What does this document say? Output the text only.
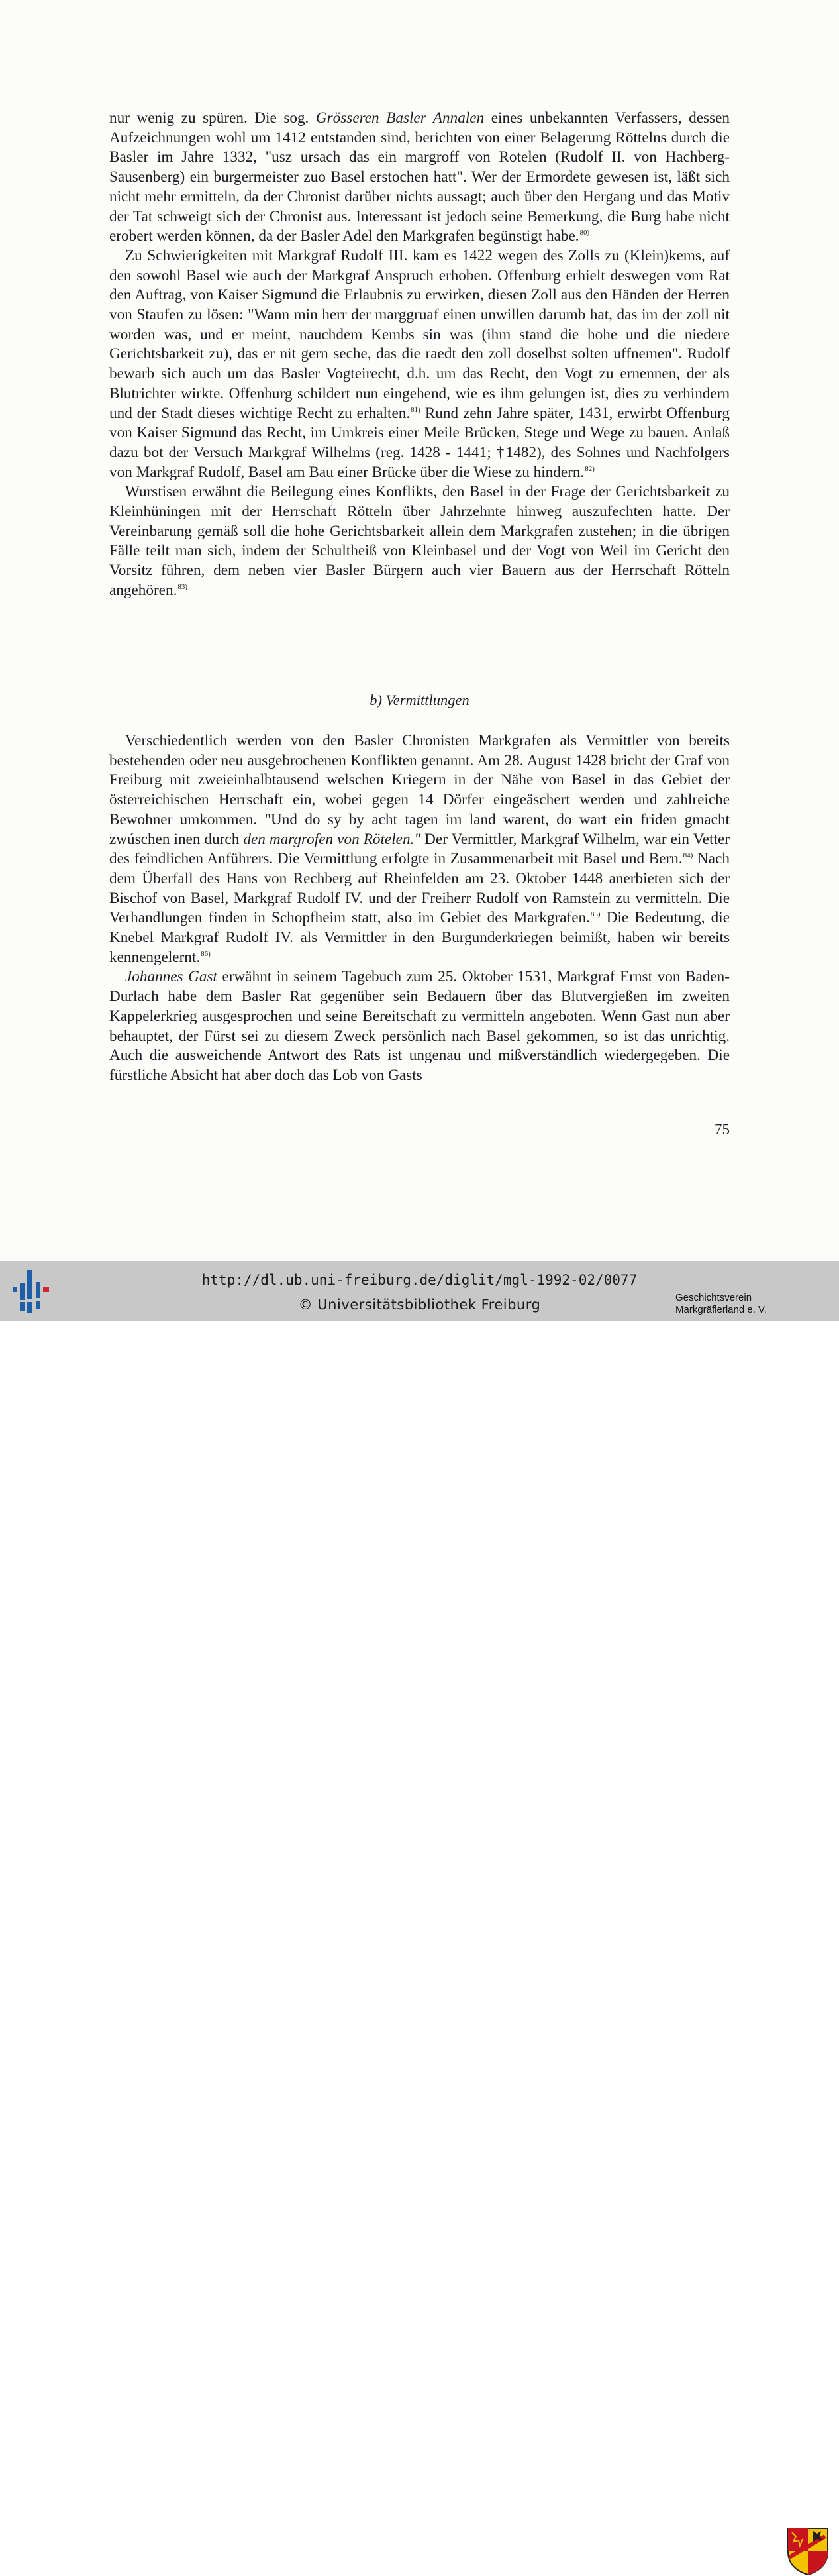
nur wenig zu spüren. Die sog. Grösseren Basler Annalen eines unbekannten Verfassers, dessen Aufzeichnungen wohl um 1412 entstanden sind, berichten von einer Belagerung Röttelns durch die Basler im Jahre 1332, "usz ursach das ein margroff von Rotelen (Rudolf II. von Hachberg-Sausenberg) ein burgermeister zuo Basel erstochen hatt". Wer der Ermordete gewesen ist, läßt sich nicht mehr ermitteln, da der Chronist darüber nichts aussagt; auch über den Hergang und das Motiv der Tat schweigt sich der Chronist aus. Interessant ist jedoch seine Bemerkung, die Burg habe nicht erobert werden können, da der Basler Adel den Markgrafen begünstigt habe.$^{80)}$

Zu Schwierigkeiten mit Markgraf Rudolf III. kam es 1422 wegen des Zolls zu (Klein)kems, auf den sowohl Basel wie auch der Markgraf Anspruch erhoben. Offenburg erhielt deswegen vom Rat den Auftrag, von Kaiser Sigmund die Erlaubnis zu erwirken, diesen Zoll aus den Händen der Herren von Staufen zu lösen: "Wann min herr der marggruaf einen unwillen darumb hat, das im der zoll nit worden was, und er meint, nauchdem Kembs sin was (ihm stand die hohe und die niedere Gerichtsbarkeit zu), das er nit gern seche, das die raedt den zoll doselbst solten uffnemen". Rudolf bewarb sich auch um das Basler Vogteirecht, d.h. um das Recht, den Vogt zu ernennen, der als Blutrichter wirkte. Offenburg schildert nun eingehend, wie es ihm gelungen ist, dies zu verhindern und der Stadt dieses wichtige Recht zu erhalten.$^{81)}$ Rund zehn Jahre später, 1431, erwirbt Offenburg von Kaiser Sigmund das Recht, im Umkreis einer Meile Brücken, Stege und Wege zu bauen. Anlaß dazu bot der Versuch Markgraf Wilhelms (reg. 1428 - 1441; †1482), des Sohnes und Nachfolgers von Markgraf Rudolf, Basel am Bau einer Brücke über die Wiese zu hindern.$^{82)}$

Wurstisen erwähnt die Beilegung eines Konflikts, den Basel in der Frage der Gerichtsbarkeit zu Kleinhüningen mit der Herrschaft Rötteln über Jahrzehnte hinweg auszufechten hatte. Der Vereinbarung gemäß soll die hohe Gerichtsbarkeit allein dem Markgrafen zustehen; in die übrigen Fälle teilt man sich, indem der Schultheiß von Kleinbasel und der Vogt von Weil im Gericht den Vorsitz führen, dem neben vier Basler Bürgern auch vier Bauern aus der Herrschaft Rötteln angehören.$^{83)}$

b) Vermittlungen

Verschiedentlich werden von den Basler Chronisten Markgrafen als Vermittler von bereits bestehenden oder neu ausgebrochenen Konflikten genannt. Am 28. August 1428 bricht der Graf von Freiburg mit zweieinhalbtausend welschen Kriegern in der Nähe von Basel in das Gebiet der österreichischen Herrschaft ein, wobei gegen 14 Dörfer eingeäschert werden und zahlreiche Bewohner umkommen. "Und do sy by acht tagen im land warent, do wart ein friden gmacht zwúschen inen durch den margrofen von Rötelen." Der Vermittler, Markgraf Wilhelm, war ein Vetter des feindlichen Anführers. Die Vermittlung erfolgte in Zusammenarbeit mit Basel und Bern.$^{84)}$ Nach dem Überfall des Hans von Rechberg auf Rheinfelden am 23. Oktober 1448 anerbieten sich der Bischof von Basel, Markgraf Rudolf IV. und der Freiherr Rudolf von Ramstein zu vermitteln. Die Verhandlungen finden in Schopfheim statt, also im Gebiet des Markgrafen.$^{85)}$ Die Bedeutung, die Knebel Markgraf Rudolf IV. als Vermittler in den Burgunderkriegen beimißt, haben wir bereits kennengelernt.$^{86)}$

Johannes Gast erwähnt in seinem Tagebuch zum 25. Oktober 1531, Markgraf Ernst von Baden-Durlach habe dem Basler Rat gegenüber sein Bedauern über das Blutvergießen im zweiten Kappelerkrieg ausgesprochen und seine Bereitschaft zu vermitteln angeboten. Wenn Gast nun aber behauptet, der Fürst sei zu diesem Zweck persönlich nach Basel gekommen, so ist das unrichtig. Auch die ausweichende Antwort des Rats ist ungenau und mißverständlich wiedergegeben. Die fürstliche Absicht hat aber doch das Lob von Gasts

75
http://dl.ub.uni-freiburg.de/diglit/mgl-1992-02/0077
© Universitätsbibliothek Freiburg	Geschichtsverein
Markgräflerland e. V.
